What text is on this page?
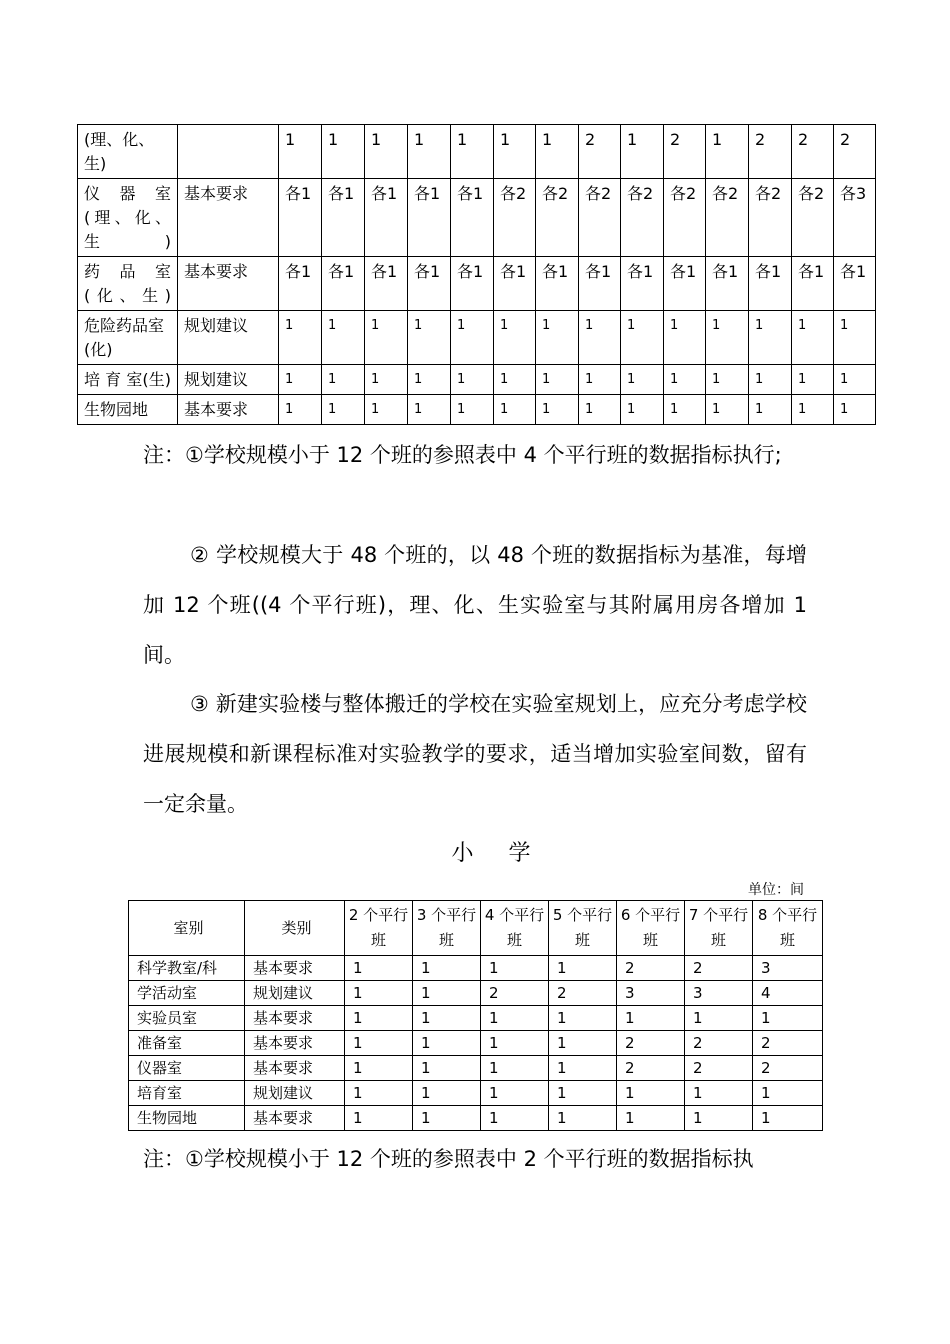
(理、化、生)		1	1	1	1	1	1	1	2	1	2	1	2	2	2
仪 器 室(理、化、生)	基本要求	各1	各1	各1	各1	各1	各2	各2	各2	各2	各2	各2	各2	各2	各3
药 品 室(化、生)	基本要求	各1	各1	各1	各1	各1	各1	各1	各1	各1	各1	各1	各1	各1	各1
危险药品室(化)	规划建议	1	1	1	1	1	1	1	1	1	1	1	1	1	1
培 育 室(生)	规划建议	1	1	1	1	1	1	1	1	1	1	1	1	1	1
生物园地	基本要求	1	1	1	1	1	1	1	1	1	1	1	1	1	1

注：①学校规模小于 12 个班的参照表中 4 个平行班的数据指标执行;

② 学校规模大于 48 个班的，以 48 个班的数据指标为基准，每增加 12 个班((4 个平行班)，理、化、生实验室与其附属用房各增加 1　　间。

③ 新建实验楼与整体搬迁的学校在实验室规划上，应充分考虑学校进展规模和新课程标准对实验教学的要求，适当增加实验室间数，留有一定余量。

小 学
单位：间
室别	类别	2 个平行班	3 个平行班	4 个平行班	5 个平行班	6 个平行班	7 个平行班	8 个平行班
科学教室/科	基本要求	1	1	1	1	2	2	3
学活动室	规划建议	1	1	2	2	3	3	4
实验员室	基本要求	1	1	1	1	1	1	1
准备室	基本要求	1	1	1	1	2	2	2
仪器室	基本要求	1	1	1	1	2	2	2
培育室	规划建议	1	1	1	1	1	1	1
生物园地	基本要求	1	1	1	1	1	1	1

注：①学校规模小于 12 个班的参照表中 2 个平行班的数据指标执
